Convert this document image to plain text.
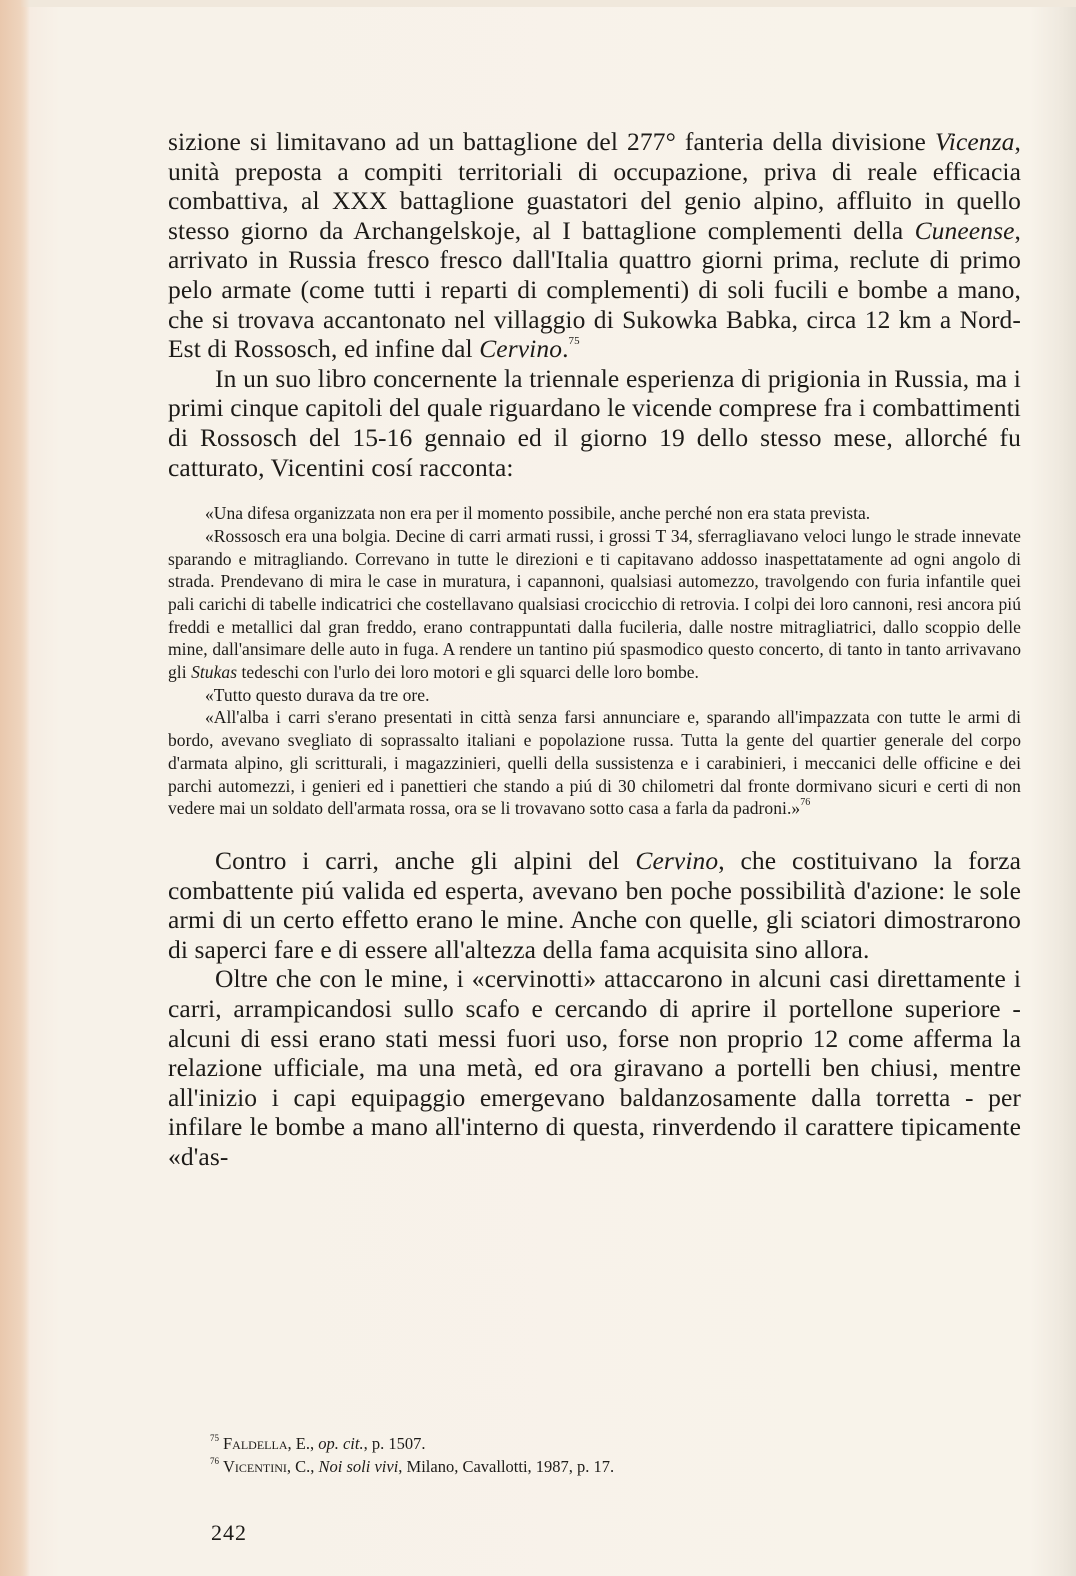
sizione si limitavano ad un battaglione del 277° fanteria della divisione Vicenza, unità preposta a compiti territoriali di occupazione, priva di reale efficacia combattiva, al XXX battaglione guastatori del genio alpino, affluito in quello stesso giorno da Archangelskoje, al I battaglione complementi della Cuneense, arrivato in Russia fresco fresco dall'Italia quattro giorni prima, reclute di primo pelo armate (come tutti i reparti di complementi) di soli fucili e bombe a mano, che si trovava accantonato nel villaggio di Sukowka Babka, circa 12 km a Nord-Est di Rossosch, ed infine dal Cervino.$^{75}$

In un suo libro concernente la triennale esperienza di prigionia in Russia, ma i primi cinque capitoli del quale riguardano le vicende comprese fra i combattimenti di Rossosch del 15-16 gennaio ed il giorno 19 dello stesso mese, allorché fu catturato, Vicentini cosí racconta:

«Una difesa organizzata non era per il momento possibile, anche perché non era stata prevista.

«Rossosch era una bolgia. Decine di carri armati russi, i grossi T 34, sferragliavano veloci lungo le strade innevate sparando e mitragliando. Correvano in tutte le direzioni e ti capitavano addosso inaspettatamente ad ogni angolo di strada. Prendevano di mira le case in muratura, i capannoni, qualsiasi automezzo, travolgendo con furia infantile quei pali carichi di tabelle indicatrici che costellavano qualsiasi crocicchio di retrovia. I colpi dei loro cannoni, resi ancora piú freddi e metallici dal gran freddo, erano contrappuntati dalla fucileria, dalle nostre mitragliatrici, dallo scoppio delle mine, dall'ansimare delle auto in fuga. A rendere un tantino piú spasmodico questo concerto, di tanto in tanto arrivavano gli Stukas tedeschi con l'urlo dei loro motori e gli squarci delle loro bombe.

«Tutto questo durava da tre ore.

«All'alba i carri s'erano presentati in città senza farsi annunciare e, sparando all'impazzata con tutte le armi di bordo, avevano svegliato di soprassalto italiani e popolazione russa. Tutta la gente del quartier generale del corpo d'armata alpino, gli scritturali, i magazzinieri, quelli della sussistenza e i carabinieri, i meccanici delle officine e dei parchi automezzi, i genieri ed i panettieri che stando a piú di 30 chilometri dal fronte dormivano sicuri e certi di non vedere mai un soldato dell'armata rossa, ora se li trovavano sotto casa a farla da padroni.»$^{76}$

Contro i carri, anche gli alpini del Cervino, che costituivano la forza combattente piú valida ed esperta, avevano ben poche possibilità d'azione: le sole armi di un certo effetto erano le mine. Anche con quelle, gli sciatori dimostrarono di saperci fare e di essere all'altezza della fama acquisita sino allora.

Oltre che con le mine, i «cervinotti» attaccarono in alcuni casi direttamente i carri, arrampicandosi sullo scafo e cercando di aprire il portellone superiore - alcuni di essi erano stati messi fuori uso, forse non proprio 12 come afferma la relazione ufficiale, ma una metà, ed ora giravano a portelli ben chiusi, mentre all'inizio i capi equipaggio emergevano baldanzosamente dalla torretta - per infilare le bombe a mano all'interno di questa, rinverdendo il carattere tipicamente «d'as-

$^{75}$ Faldella, E., op. cit., p. 1507.

$^{76}$ Vicentini, C., Noi soli vivi, Milano, Cavallotti, 1987, p. 17.

242
